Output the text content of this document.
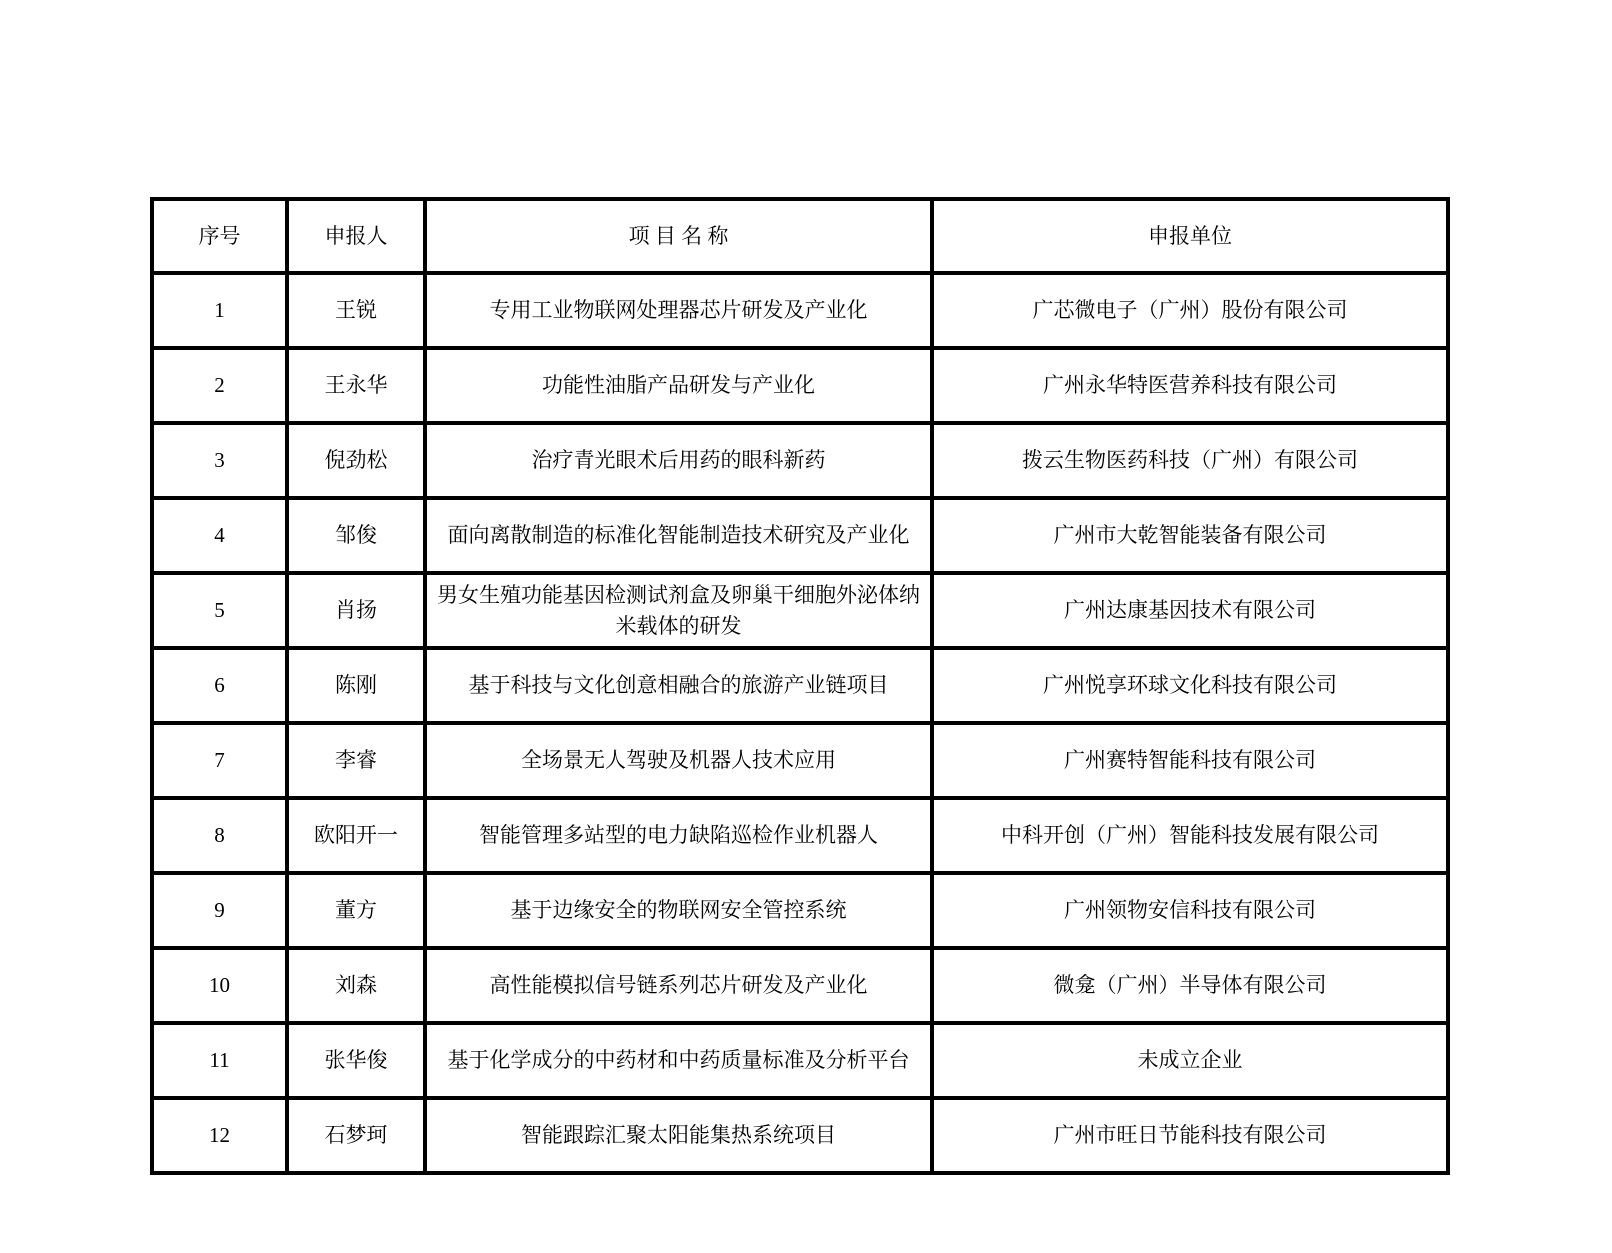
序号	申报人	项 目 名 称	申报单位
1	王锐	专用工业物联网处理器芯片研发及产业化	广芯微电子（广州）股份有限公司
2	王永华	功能性油脂产品研发与产业化	广州永华特医营养科技有限公司
3	倪劲松	治疗青光眼术后用药的眼科新药	拨云生物医药科技（广州）有限公司
4	邹俊	面向离散制造的标准化智能制造技术研究及产业化	广州市大乾智能装备有限公司
5	肖扬	男女生殖功能基因检测试剂盒及卵巢干细胞外泌体纳米载体的研发	广州达康基因技术有限公司
6	陈刚	基于科技与文化创意相融合的旅游产业链项目	广州悦享环球文化科技有限公司
7	李睿	全场景无人驾驶及机器人技术应用	广州赛特智能科技有限公司
8	欧阳开一	智能管理多站型的电力缺陷巡检作业机器人	中科开创（广州）智能科技发展有限公司
9	董方	基于边缘安全的物联网安全管控系统	广州领物安信科技有限公司
10	刘森	高性能模拟信号链系列芯片研发及产业化	微龛（广州）半导体有限公司
11	张华俊	基于化学成分的中药材和中药质量标准及分析平台	未成立企业
12	石梦珂	智能跟踪汇聚太阳能集热系统项目	广州市旺日节能科技有限公司
